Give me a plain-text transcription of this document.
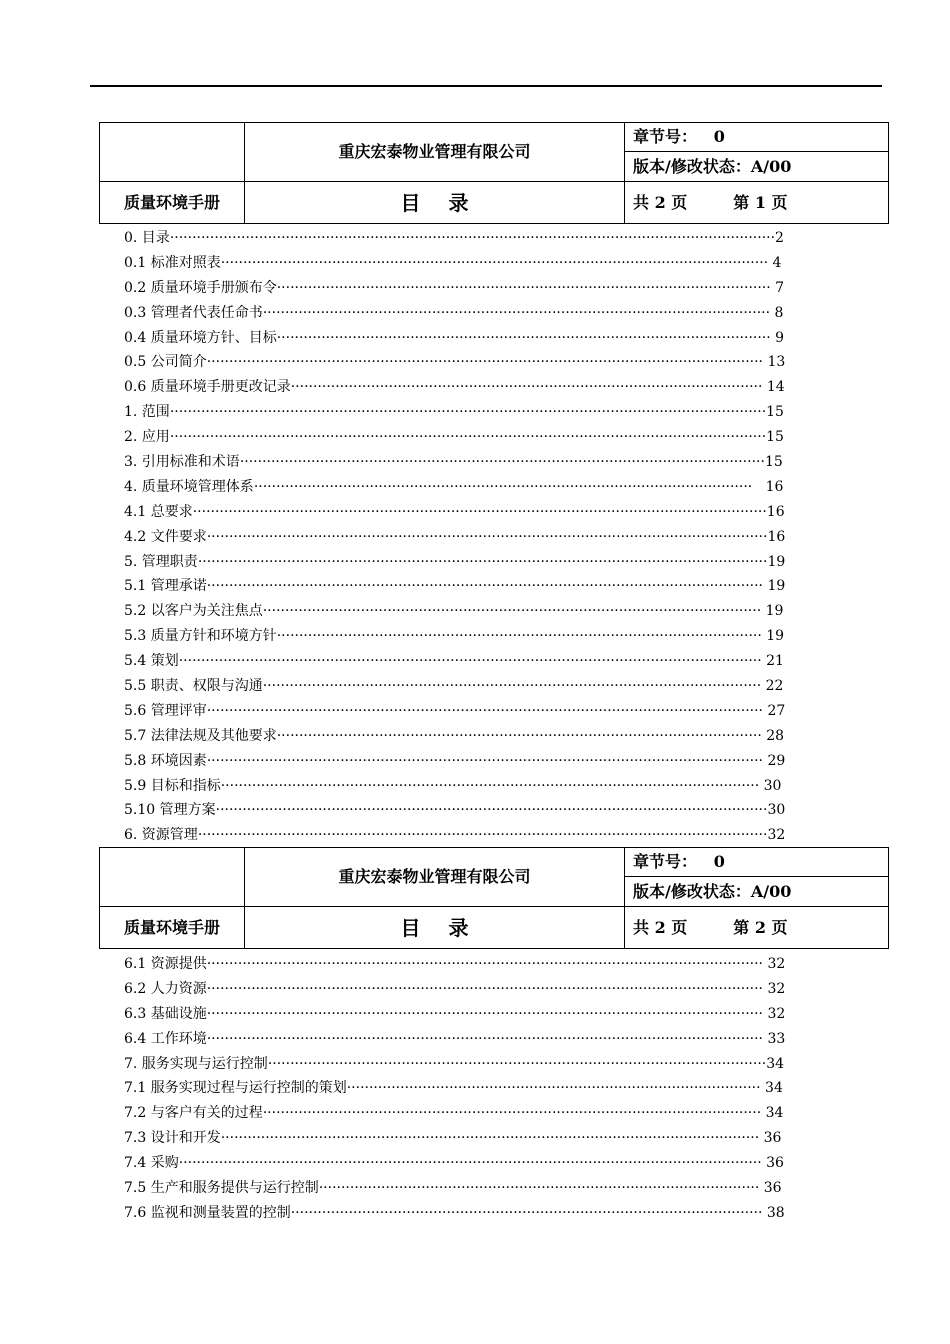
	重庆宏泰物业管理有限公司	章节号： 0
		版本/修改状态：A/00
质量环境手册	目 录	共 2 页 第 1 页
0. 目录········································································································································2
0.1 标准对照表··························································································································· 4
0.2 质量环境手册颁布令··············································································································· 7
0.3 管理者代表任命书·················································································································· 8
0.4 质量环境方针、目标··············································································································· 9
0.5 公司简介····························································································································· 13
0.6 质量环境手册更改记录·········································································································· 14
1. 范围······································································································································15
2. 应用······································································································································15
3. 引用标准和术语······················································································································15
4. 质量环境管理体系················································································································   16
4.1 总要求·································································································································16
4.2 文件要求······························································································································16
5. 管理职责································································································································19
5.1 管理承诺····························································································································· 19
5.2 以客户为关注焦点················································································································ 19
5.3 质量方针和环境方针············································································································· 19
5.4 策划··································································································································· 21
5.5 职责、权限与沟通················································································································ 22
5.6 管理评审····························································································································· 27
5.7 法律法规及其他要求············································································································· 28
5.8 环境因素····························································································································· 29
5.9 目标和指标························································································································· 30
5.10 管理方案····························································································································30
6. 资源管理································································································································32
	重庆宏泰物业管理有限公司	章节号： 0
		版本/修改状态：A/00
质量环境手册	目 录	共 2 页 第 2 页
6.1 资源提供····························································································································· 32
6.2 人力资源····························································································································· 32
6.3 基础设施····························································································································· 32
6.4 工作环境····························································································································· 33
7. 服务实现与运行控制················································································································34
7.1 服务实现过程与运行控制的策划····························································································· 34
7.2 与客户有关的过程················································································································ 34
7.3 设计和开发························································································································· 36
7.4 采购··································································································································· 36
7.5 生产和服务提供与运行控制··································································································· 36
7.6 监视和测量装置的控制·········································································································· 38
